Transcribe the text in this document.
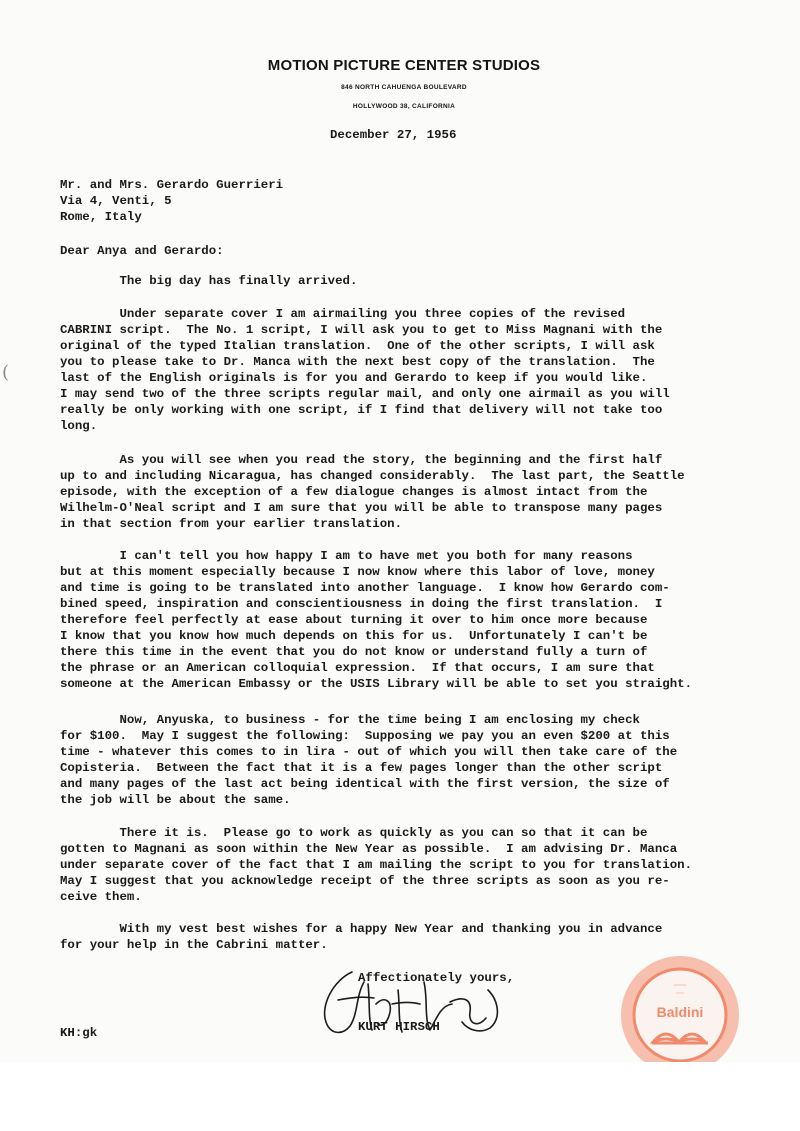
MOTION PICTURE CENTER STUDIOS
846 NORTH CAHUENGA BOULEVARD
HOLLYWOOD 38, CALIFORNIA
December 27, 1956
Mr. and Mrs. Gerardo Guerrieri
Via 4, Venti, 5
Rome, Italy
Dear Anya and Gerardo:
The big day has finally arrived.
Under separate cover I am airmailing you three copies of the revised
CABRINI script.  The No. 1 script, I will ask you to get to Miss Magnani with the
original of the typed Italian translation.  One of the other scripts, I will ask
you to please take to Dr. Manca with the next best copy of the translation.  The
last of the English originals is for you and Gerardo to keep if you would like.
I may send two of the three scripts regular mail, and only one airmail as you will
really be only working with one script, if I find that delivery will not take too
long.
As you will see when you read the story, the beginning and the first half
up to and including Nicaragua, has changed considerably.  The last part, the Seattle
episode, with the exception of a few dialogue changes is almost intact from the
Wilhelm-O'Neal script and I am sure that you will be able to transpose many pages
in that section from your earlier translation.
I can't tell you how happy I am to have met you both for many reasons
but at this moment especially because I now know where this labor of love, money
and time is going to be translated into another language.  I know how Gerardo com-
bined speed, inspiration and conscientiousness in doing the first translation.  I
therefore feel perfectly at ease about turning it over to him once more because
I know that you know how much depends on this for us.  Unfortunately I can't be
there this time in the event that you do not know or understand fully a turn of
the phrase or an American colloquial expression.  If that occurs, I am sure that
someone at the American Embassy or the USIS Library will be able to set you straight.
Now, Anyuska, to business - for the time being I am enclosing my check
for $100.  May I suggest the following:  Supposing we pay you an even $200 at this
time - whatever this comes to in lira - out of which you will then take care of the
Copisteria.  Between the fact that it is a few pages longer than the other script
and many pages of the last act being identical with the first version, the size of
the job will be about the same.
There it is.  Please go to work as quickly as you can so that it can be
gotten to Magnani as soon within the New Year as possible.  I am advising Dr. Manca
under separate cover of the fact that I am mailing the script to you for translation.
May I suggest that you acknowledge receipt of the three scripts as soon as you re-
ceive them.
With my vest best wishes for a happy New Year and thanking you in advance
for your help in the Cabrini matter.
Affectionately yours,
KURT HIRSCH
KH:gk
═══
══
Baldini
(
